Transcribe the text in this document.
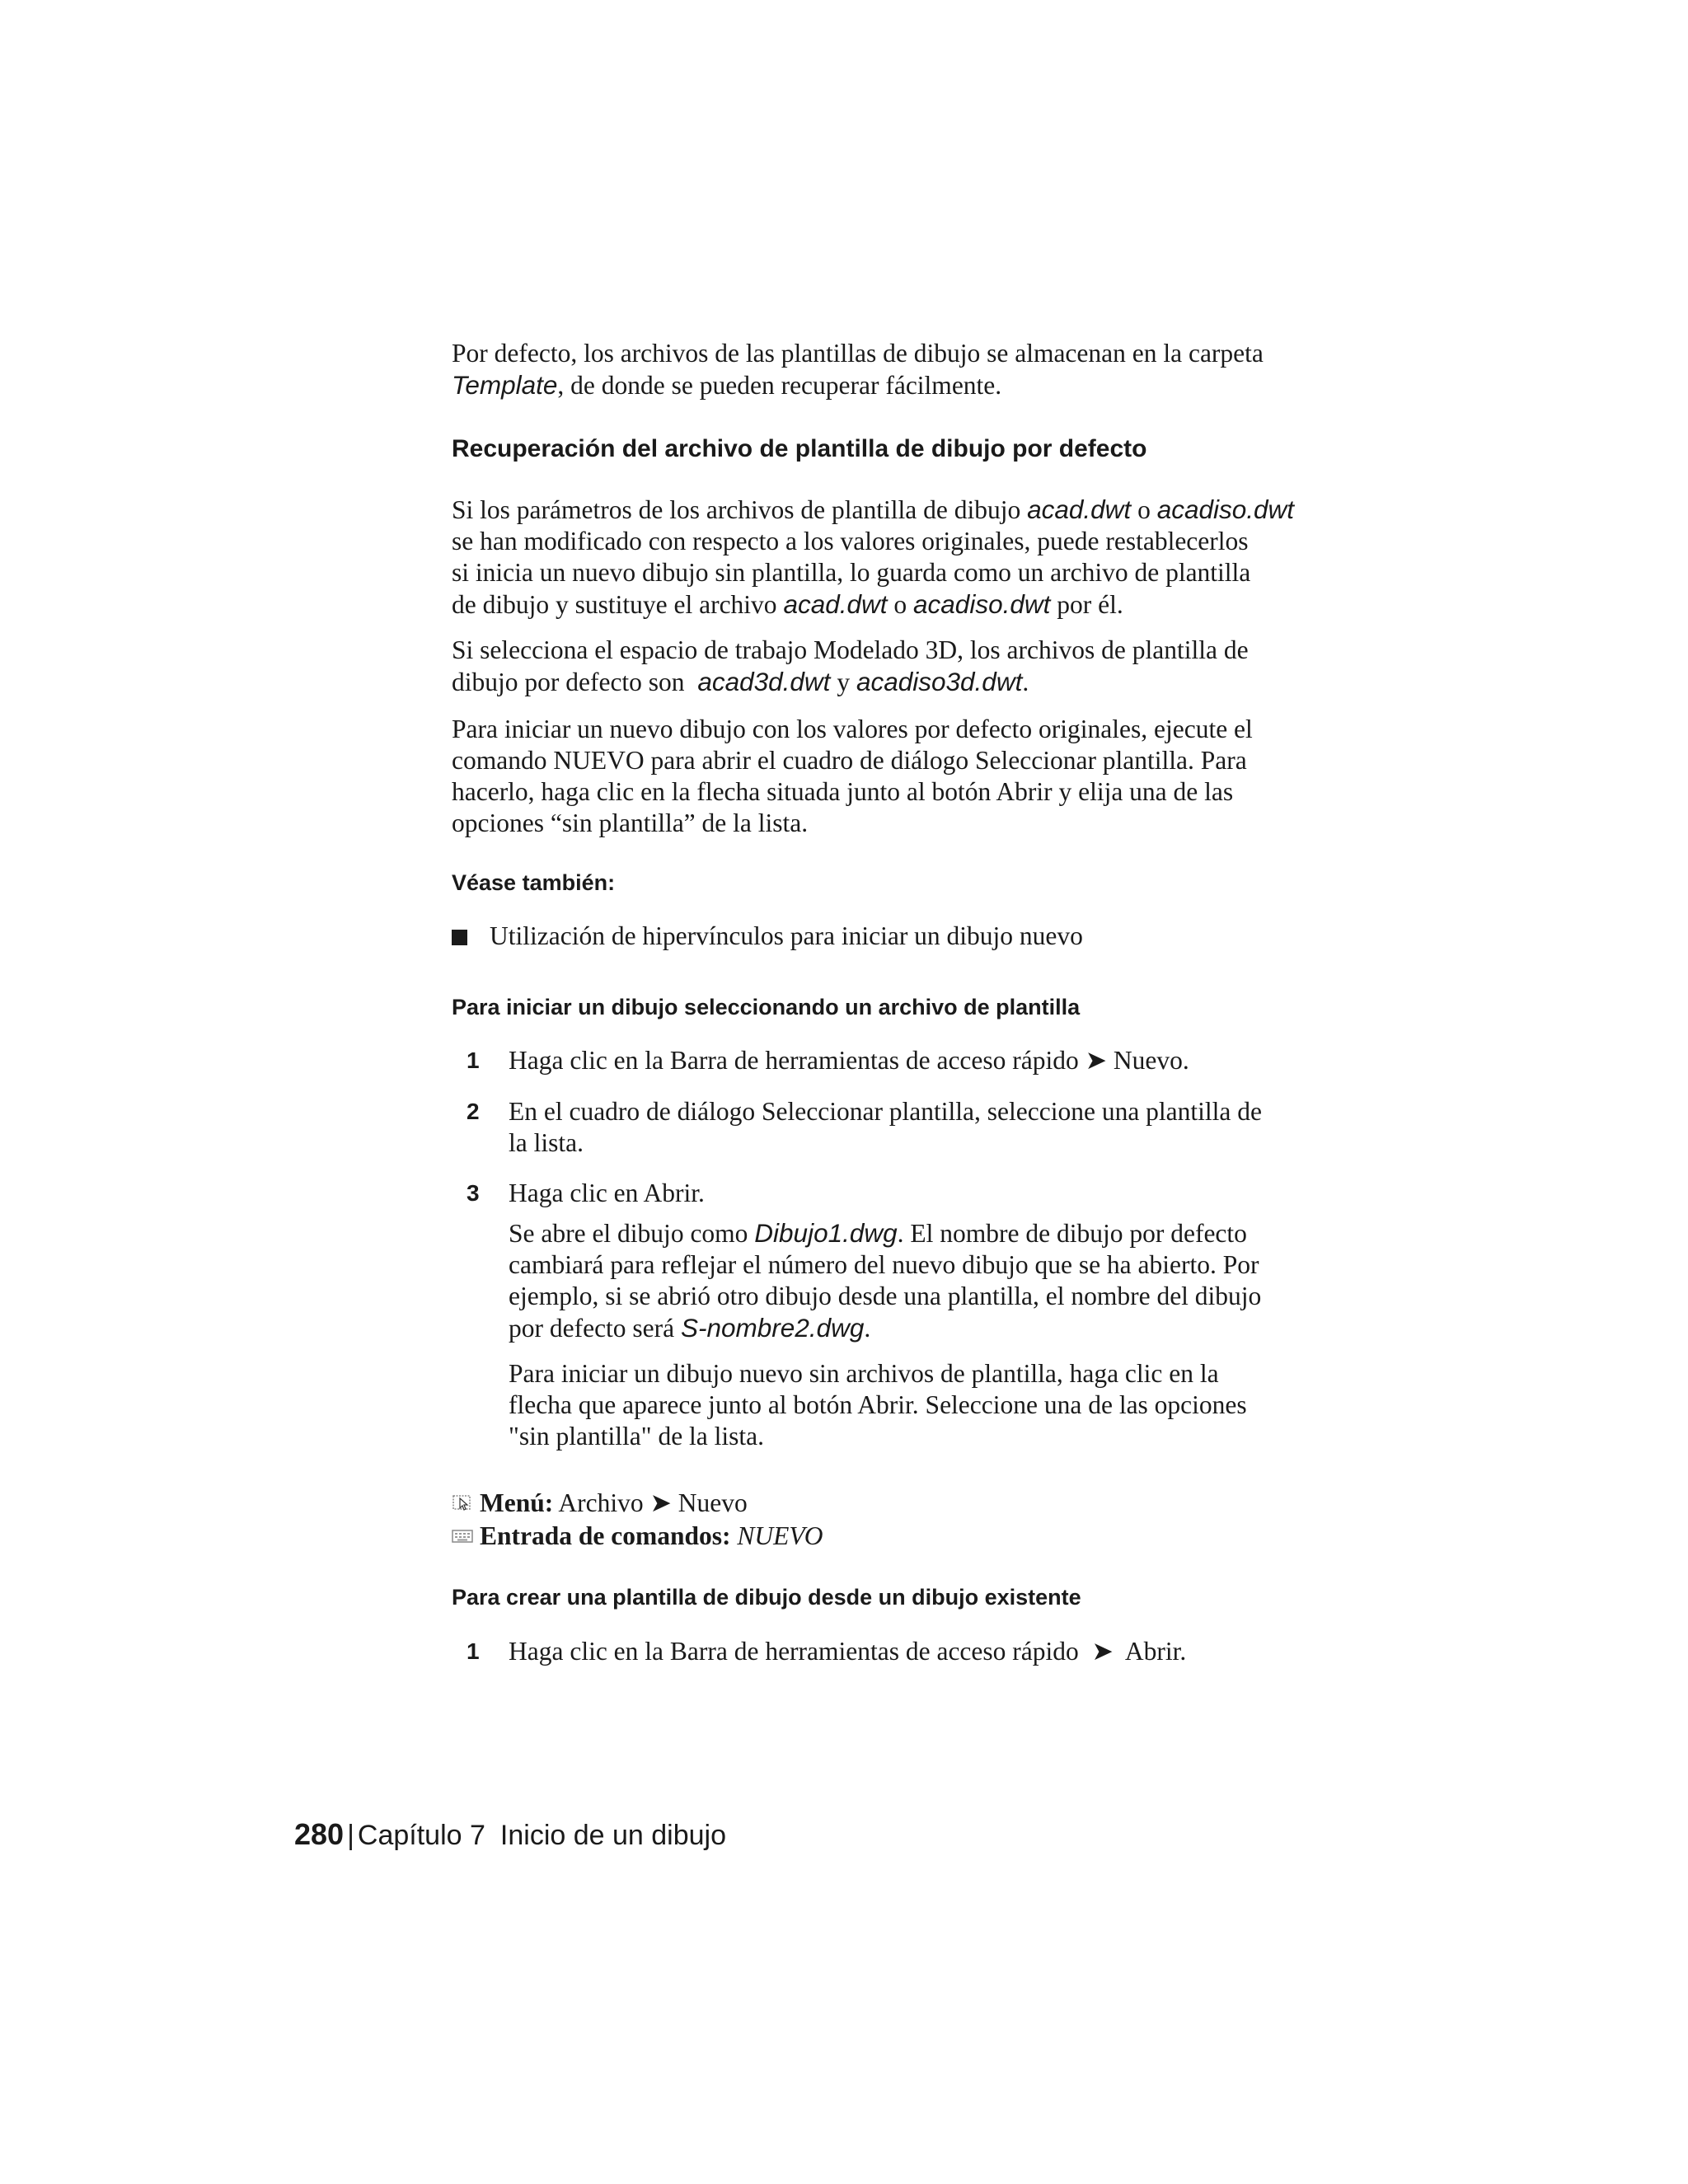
Por defecto, los archivos de las plantillas de dibujo se almacenan en la carpeta
Template, de donde se pueden recuperar fácilmente.
Recuperación del archivo de plantilla de dibujo por defecto
Si los parámetros de los archivos de plantilla de dibujo acad.dwt o acadiso.dwt
se han modificado con respecto a los valores originales, puede restablecerlos
si inicia un nuevo dibujo sin plantilla, lo guarda como un archivo de plantilla
de dibujo y sustituye el archivo acad.dwt o acadiso.dwt por él.
Si selecciona el espacio de trabajo Modelado 3D, los archivos de plantilla de
dibujo por defecto son  acad3d.dwt y acadiso3d.dwt.
Para iniciar un nuevo dibujo con los valores por defecto originales, ejecute el
comando NUEVO para abrir el cuadro de diálogo Seleccionar plantilla. Para
hacerlo, haga clic en la flecha situada junto al botón Abrir y elija una de las
opciones “sin plantilla” de la lista.
Véase también:
Utilización de hipervínculos para iniciar un dibujo nuevo
Para iniciar un dibujo seleccionando un archivo de plantilla
1 Haga clic en la Barra de herramientas de acceso rápido ➤ Nuevo.
2 En el cuadro de diálogo Seleccionar plantilla, seleccione una plantilla de
la lista.
3 Haga clic en Abrir.
Se abre el dibujo como Dibujo1.dwg. El nombre de dibujo por defecto
cambiará para reflejar el número del nuevo dibujo que se ha abierto. Por
ejemplo, si se abrió otro dibujo desde una plantilla, el nombre del dibujo
por defecto será S-nombre2.dwg.
Para iniciar un dibujo nuevo sin archivos de plantilla, haga clic en la
flecha que aparece junto al botón Abrir. Seleccione una de las opciones
"sin plantilla" de la lista.
Menú: Archivo ➤ Nuevo
Entrada de comandos: NUEVO
Para crear una plantilla de dibujo desde un dibujo existente
1 Haga clic en la Barra de herramientas de acceso rápido  ➤  Abrir.
280 | Capítulo 7 Inicio de un dibujo
